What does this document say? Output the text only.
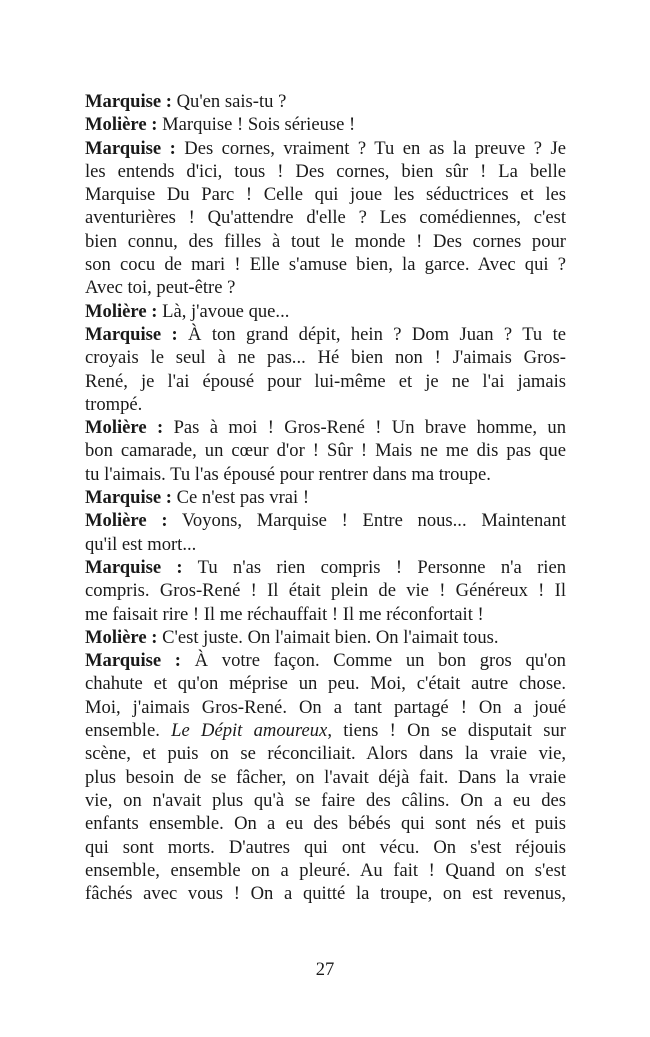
Marquise : Qu'en sais-tu ?
Molière : Marquise ! Sois sérieuse !
Marquise : Des cornes, vraiment ? Tu en as la preuve ? Je
les entends d'ici, tous ! Des cornes, bien sûr ! La belle
Marquise Du Parc ! Celle qui joue les séductrices et les
aventurières ! Qu'attendre d'elle ? Les comédiennes, c'est
bien connu, des filles à tout le monde ! Des cornes pour
son cocu de mari ! Elle s'amuse bien, la garce. Avec qui ?
Avec toi, peut-être ?
Molière : Là, j'avoue que...
Marquise : À ton grand dépit, hein ? Dom Juan ? Tu te
croyais le seul à ne pas... Hé bien non ! J'aimais Gros-
René, je l'ai épousé pour lui-même et je ne l'ai jamais
trompé.
Molière : Pas à moi ! Gros-René ! Un brave homme, un
bon camarade, un cœur d'or ! Sûr ! Mais ne me dis pas que
tu l'aimais. Tu l'as épousé pour rentrer dans ma troupe.
Marquise : Ce n'est pas vrai !
Molière : Voyons, Marquise ! Entre nous... Maintenant
qu'il est mort...
Marquise : Tu n'as rien compris ! Personne n'a rien
compris. Gros-René ! Il était plein de vie ! Généreux ! Il
me faisait rire ! Il me réchauffait ! Il me réconfortait !
Molière : C'est juste. On l'aimait bien. On l'aimait tous.
Marquise : À votre façon. Comme un bon gros qu'on
chahute et qu'on méprise un peu. Moi, c'était autre chose.
Moi, j'aimais Gros-René. On a tant partagé ! On a joué
ensemble. Le Dépit amoureux, tiens ! On se disputait sur
scène, et puis on se réconciliait. Alors dans la vraie vie,
plus besoin de se fâcher, on l'avait déjà fait. Dans la vraie
vie, on n'avait plus qu'à se faire des câlins. On a eu des
enfants ensemble. On a eu des bébés qui sont nés et puis
qui sont morts. D'autres qui ont vécu. On s'est réjouis
ensemble, ensemble on a pleuré. Au fait ! Quand on s'est
fâchés avec vous ! On a quitté la troupe, on est revenus,
27
